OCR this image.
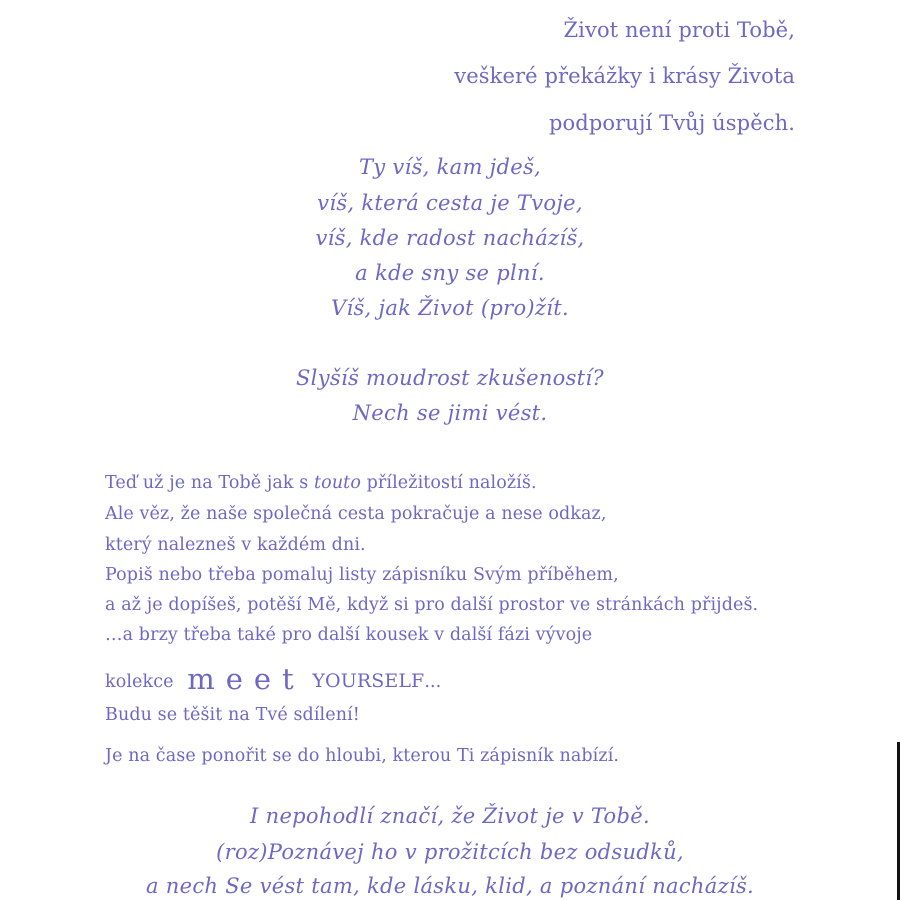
Život není proti Tobě,
veškeré překážky i krásy Života
podporují Tvůj úspěch.
Ty víš, kam jdeš,
víš, která cesta je Tvoje,
víš, kde radost nacházíš,
a kde sny se plní.
Víš, jak Život (pro)žít.
Slyšíš moudrost zkušeností?
Nech se jimi vést.
Teď už je na Tobě jak s touto příležitostí naložíš.
Ale věz, že naše společná cesta pokračuje a nese odkaz,
který nalezneš v každém dni.
Popiš nebo třeba pomaluj listy zápisníku Svým příběhem,
a až je dopíšeš, potěší Mě, když si pro další prostor ve stránkách přijdeš.
…a brzy třeba také pro další kousek v další fázi vývoje
kolekce meet YOURSELF...
Budu se těšit na Tvé sdílení!
Je na čase ponořit se do hloubi, kterou Ti zápisník nabízí.
I nepohodlí značí, že Život je v Tobě.
(roz)Poznávej ho v prožitcích bez odsudků,
a nech Se vést tam, kde lásku, klid, a poznání nacházíš.
